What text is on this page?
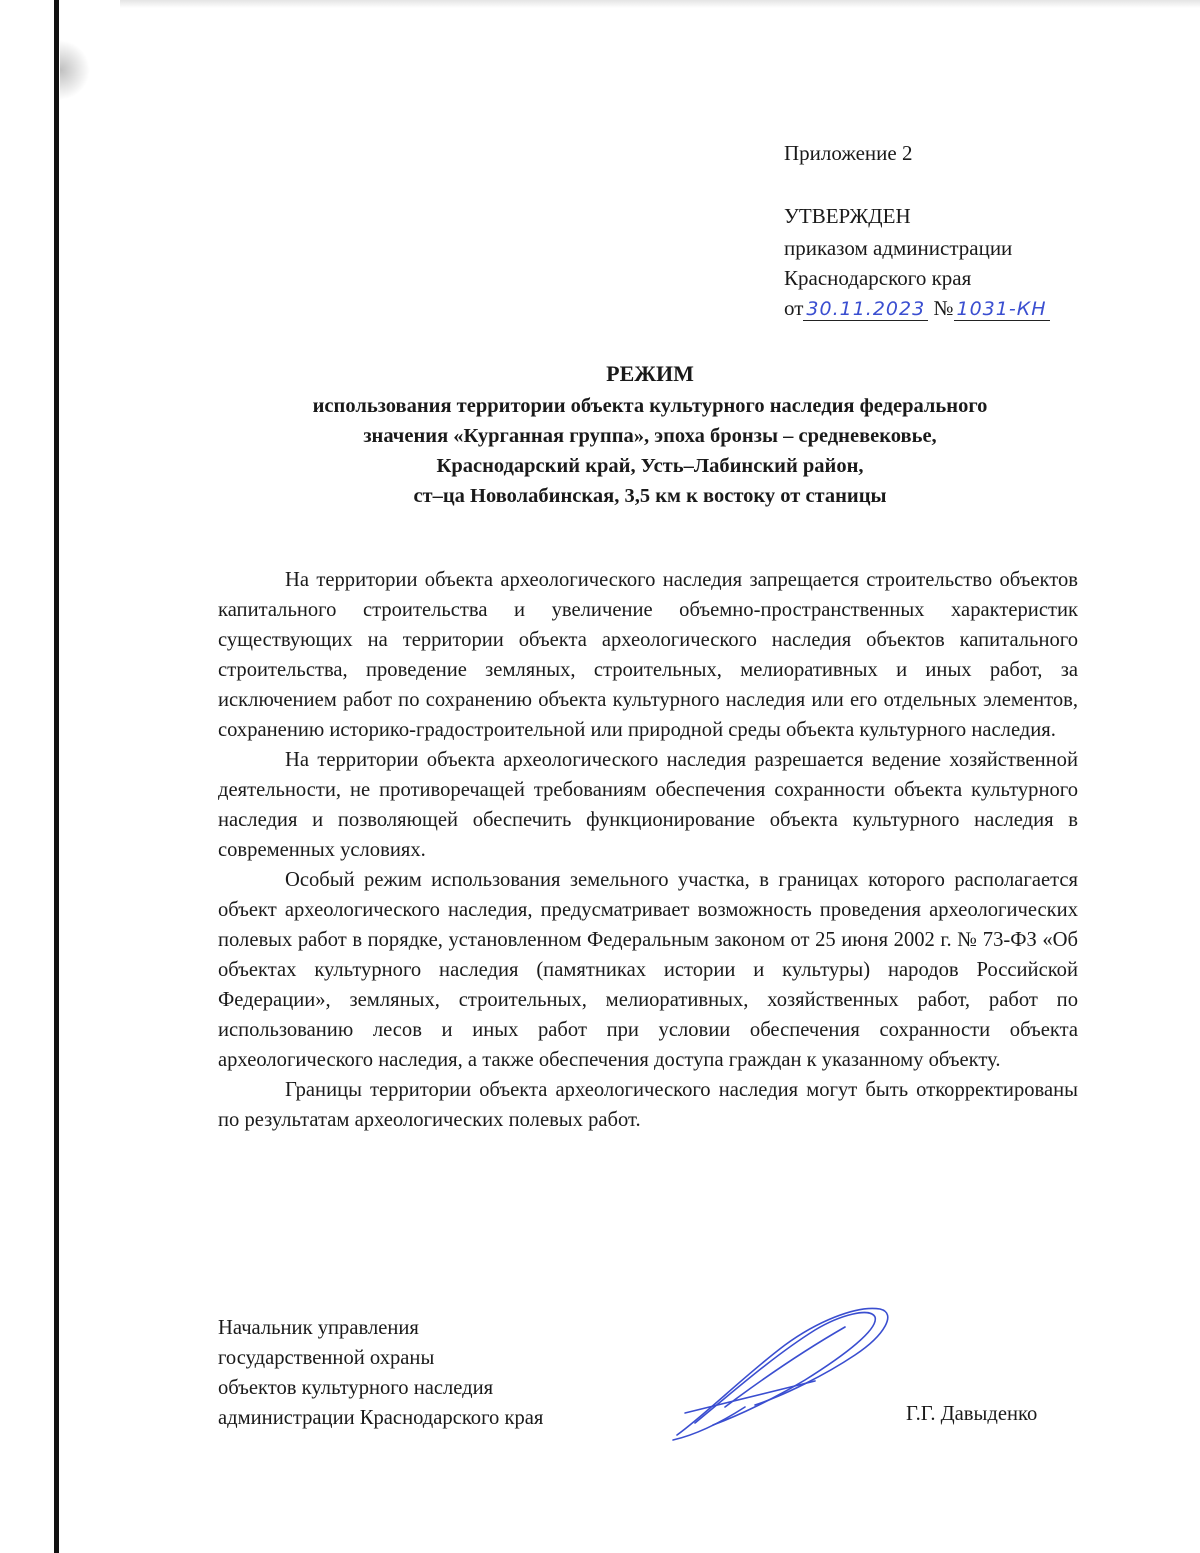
Приложение 2
УТВЕРЖДЕН
приказом администрации
Краснодарского края
от 30.11.2023 № 1031-КН
РЕЖИМ
использования территории объекта культурного наследия федерального
значения «Курганная группа», эпоха бронзы – средневековье,
Краснодарский край, Усть–Лабинский район,
ст–ца Новолабинская, 3,5 км к востоку от станицы

На территории объекта археологического наследия запрещается строительство объектов капитального строительства и увеличение объемно-пространственных характеристик существующих на территории объекта археологического наследия объектов капитального строительства, проведение земляных, строительных, мелиоративных и иных работ, за исключением работ по сохранению объекта культурного наследия или его отдельных элементов, сохранению историко-градостроительной или природной среды объекта культурного наследия.

На территории объекта археологического наследия разрешается ведение хозяйственной деятельности, не противоречащей требованиям обеспечения сохранности объекта культурного наследия и позволяющей обеспечить функционирование объекта культурного наследия в современных условиях.

Особый режим использования земельного участка, в границах которого располагается объект археологического наследия, предусматривает возможность проведения археологических полевых работ в порядке, установленном Федеральным законом от 25 июня 2002 г. № 73-ФЗ «Об объектах культурного наследия (памятниках истории и культуры) народов Российской Федерации», земляных, строительных, мелиоративных, хозяйственных работ, работ по использованию лесов и иных работ при условии обеспечения сохранности объекта археологического наследия, а также обеспечения доступа граждан к указанному объекту.

Границы территории объекта археологического наследия могут быть откорректированы по результатам археологических полевых работ.

Начальник управления
государственной охраны
объектов культурного наследия
администрации Краснодарского края	Г.Г. Давыденко
